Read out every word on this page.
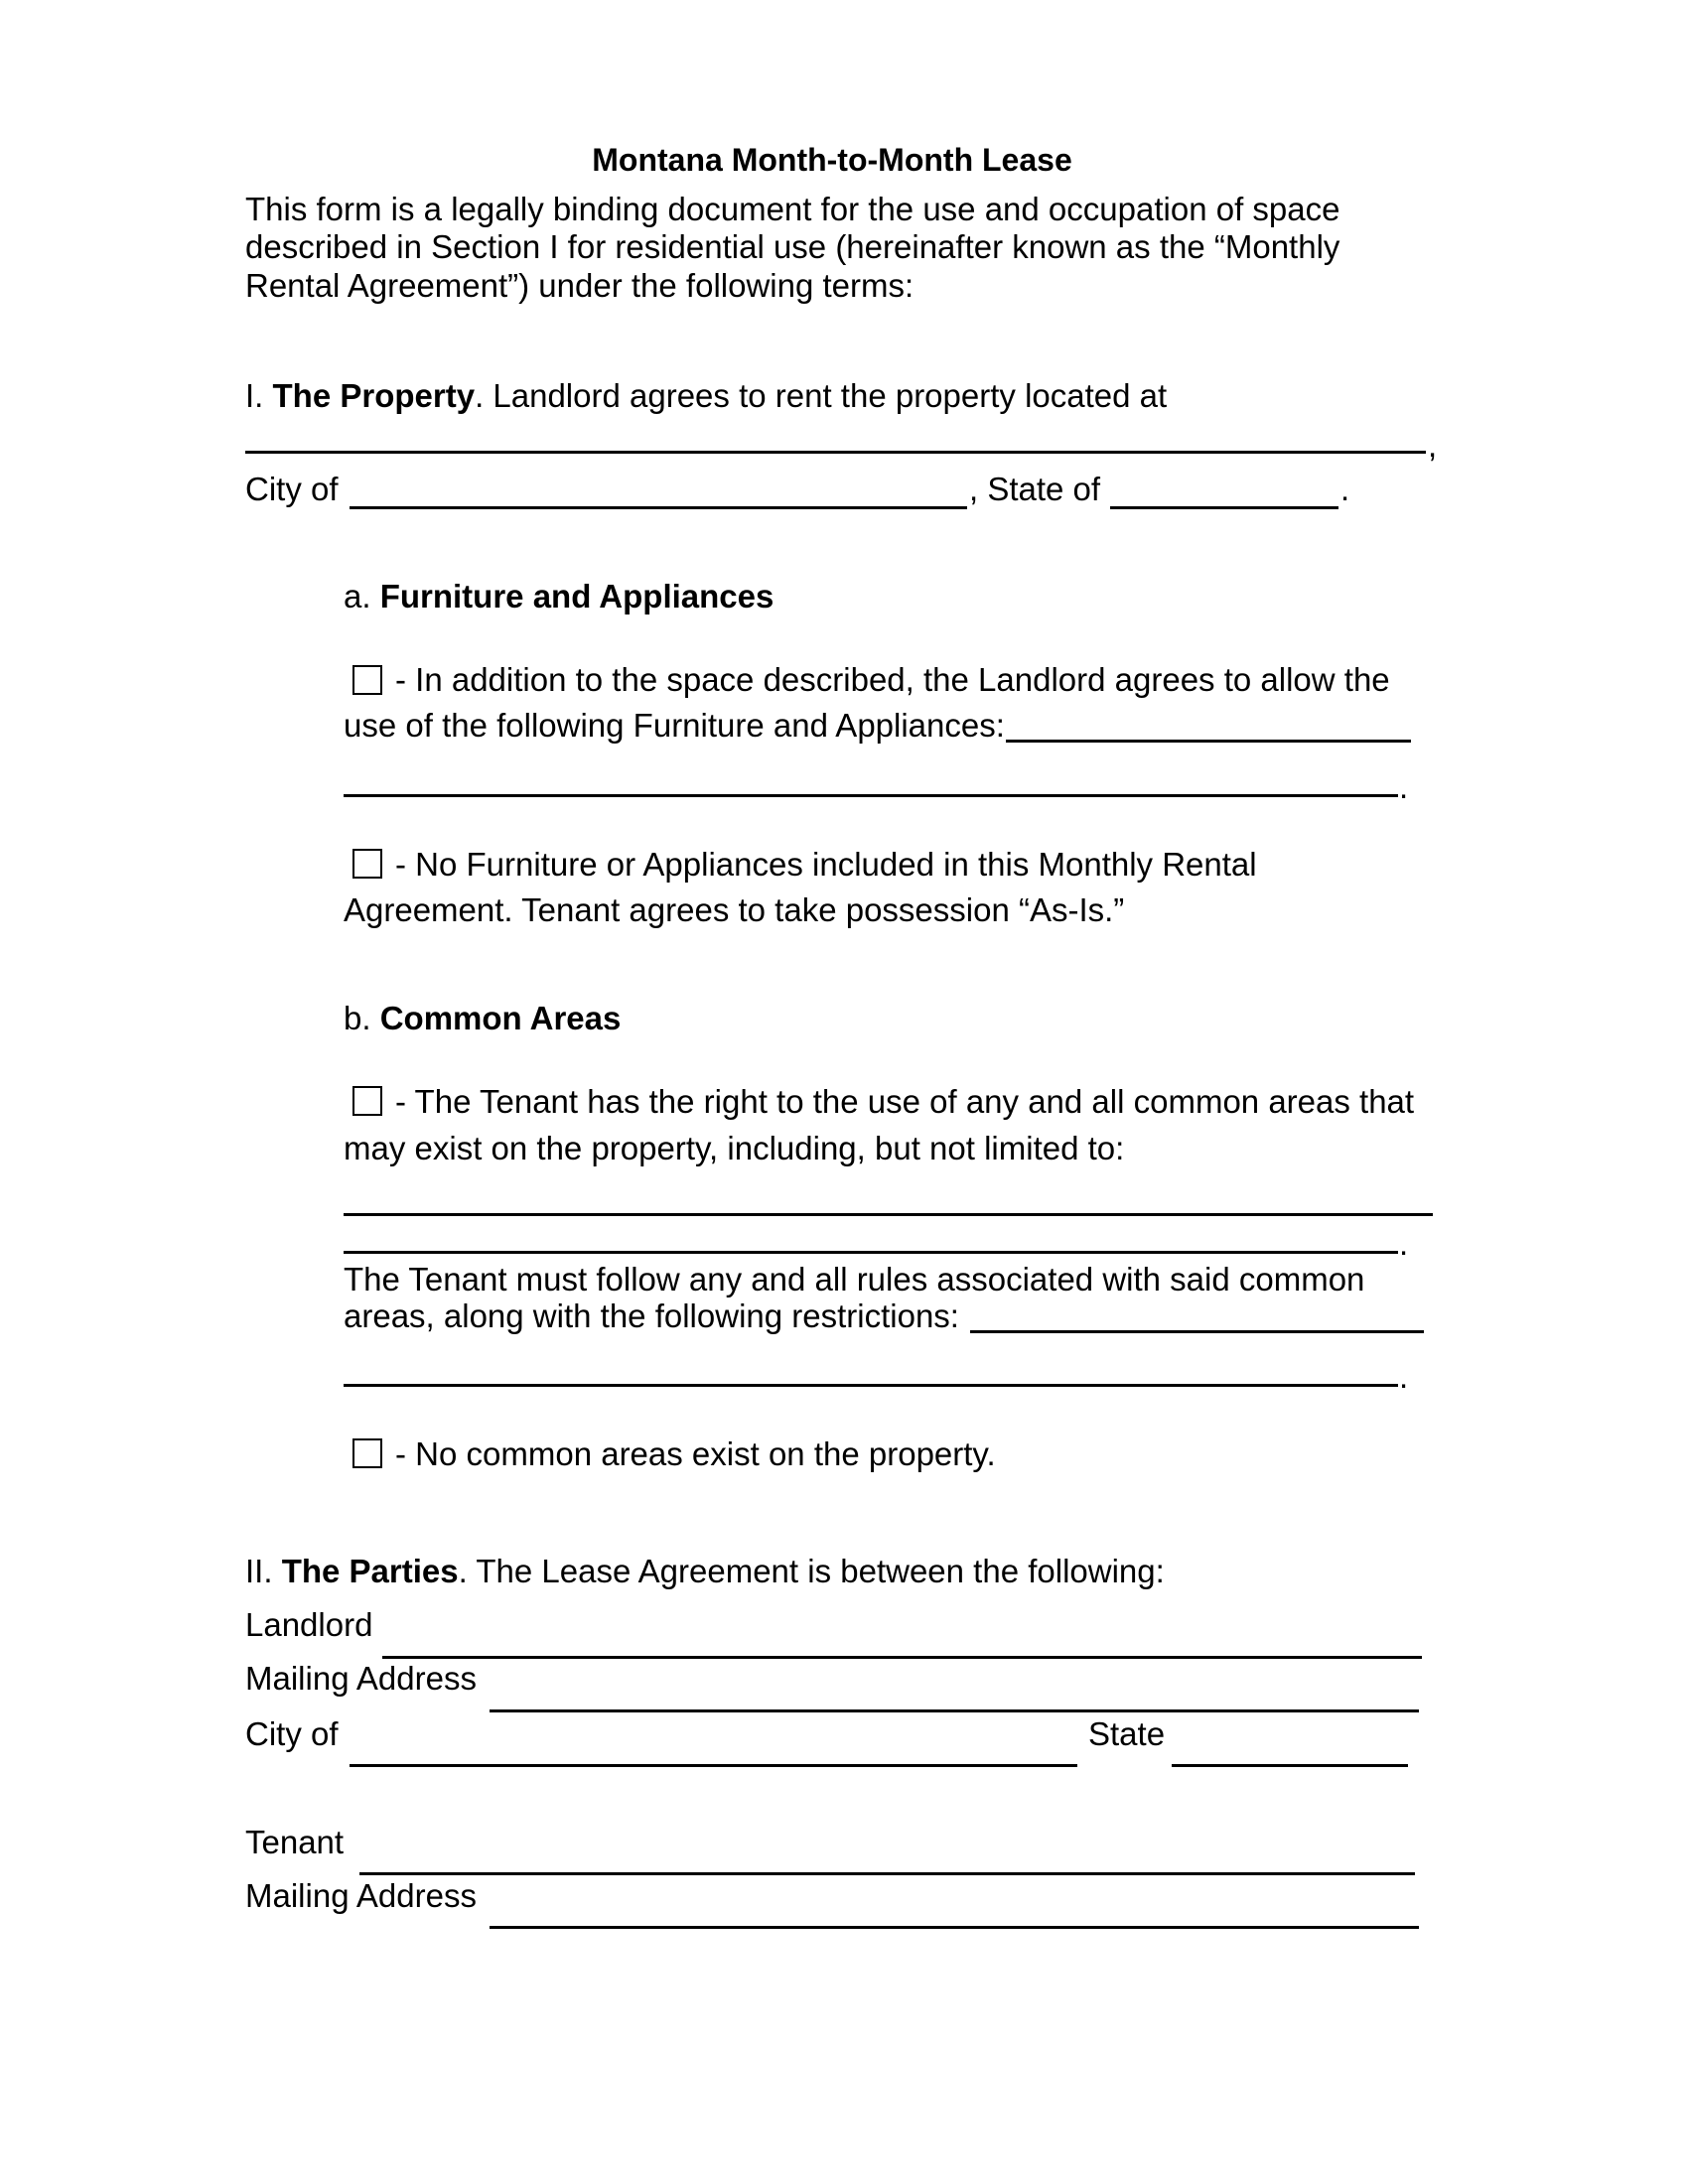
Montana Month-to-Month Lease
This form is a legally binding document for the use and occupation of space
described in Section I for residential use (hereinafter known as the “Monthly
Rental Agreement”) under the following terms:
I. The Property. Landlord agrees to rent the property located at
,
City of	, State of	.
a. Furniture and Appliances
- In addition to the space described, the Landlord agrees to allow the
use of the following Furniture and Appliances:
.
- No Furniture or Appliances included in this Monthly Rental
Agreement. Tenant agrees to take possession “As-Is.”
b. Common Areas
- The Tenant has the right to the use of any and all common areas that
may exist on the property, including, but not limited to:
.
The Tenant must follow any and all rules associated with said common
areas, along with the following restrictions:
.
- No common areas exist on the property.
II. The Parties. The Lease Agreement is between the following:
Landlord
Mailing Address
City of	State
Tenant
Mailing Address
